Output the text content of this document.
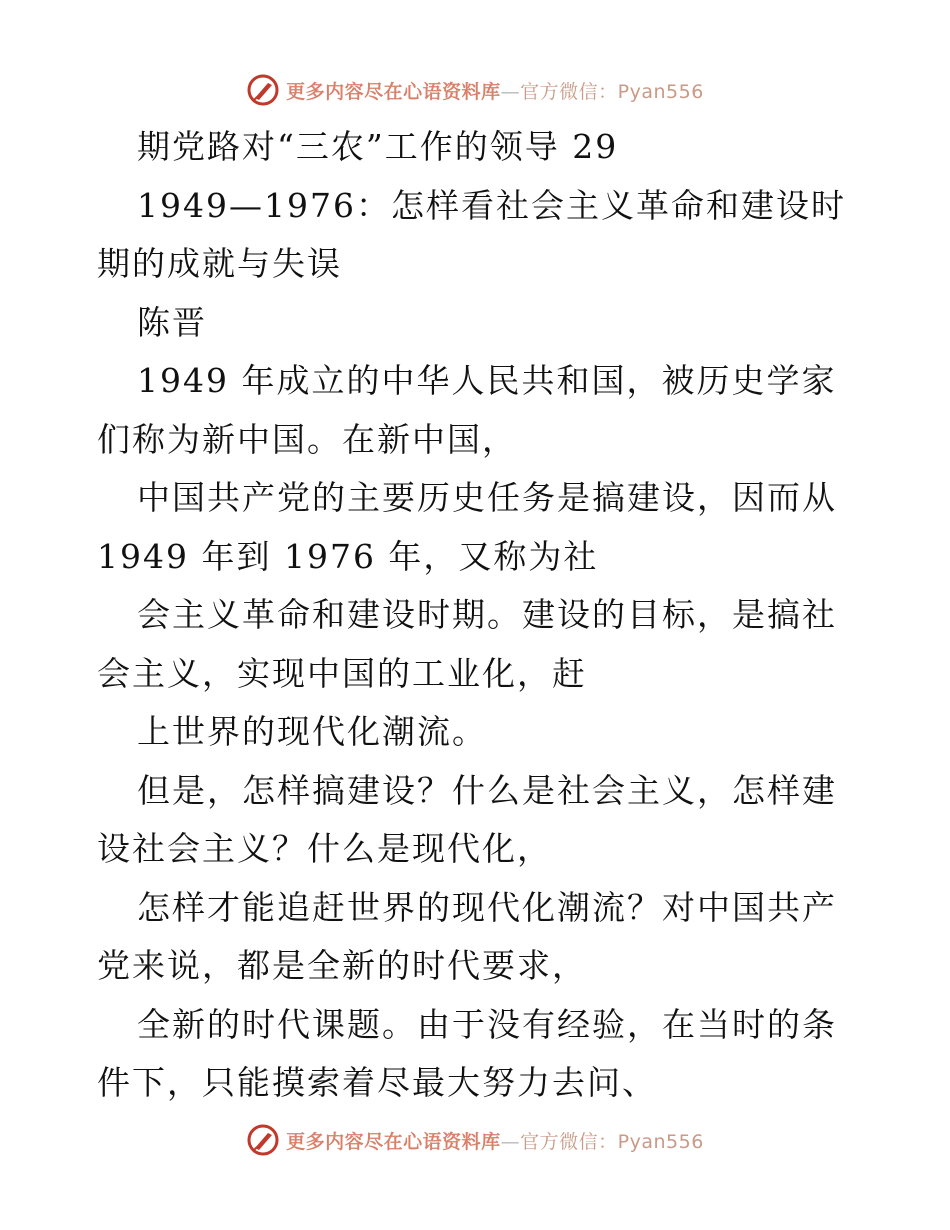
更多内容尽在心语资料库—官方微信：Pyan556

期党路对“三农”工作的领导 29

1949—1976：怎样看社会主义革命和建设时期的成就与失误

陈晋

1949 年成立的中华人民共和国，被历史学家们称为新中国。在新中国，

中国共产党的主要历史任务是搞建设，因而从 1949 年到 1976 年，又称为社

会主义革命和建设时期。建设的目标，是搞社会主义，实现中国的工业化，赶

上世界的现代化潮流。

但是，怎样搞建设？什么是社会主义，怎样建设社会主义？什么是现代化，

怎样才能追赶世界的现代化潮流？对中国共产党来说，都是全新的时代要求，

全新的时代课题。由于没有经验，在当时的条件下，只能摸索着尽最大努力去问、

更多内容尽在心语资料库—官方微信：Pyan556
